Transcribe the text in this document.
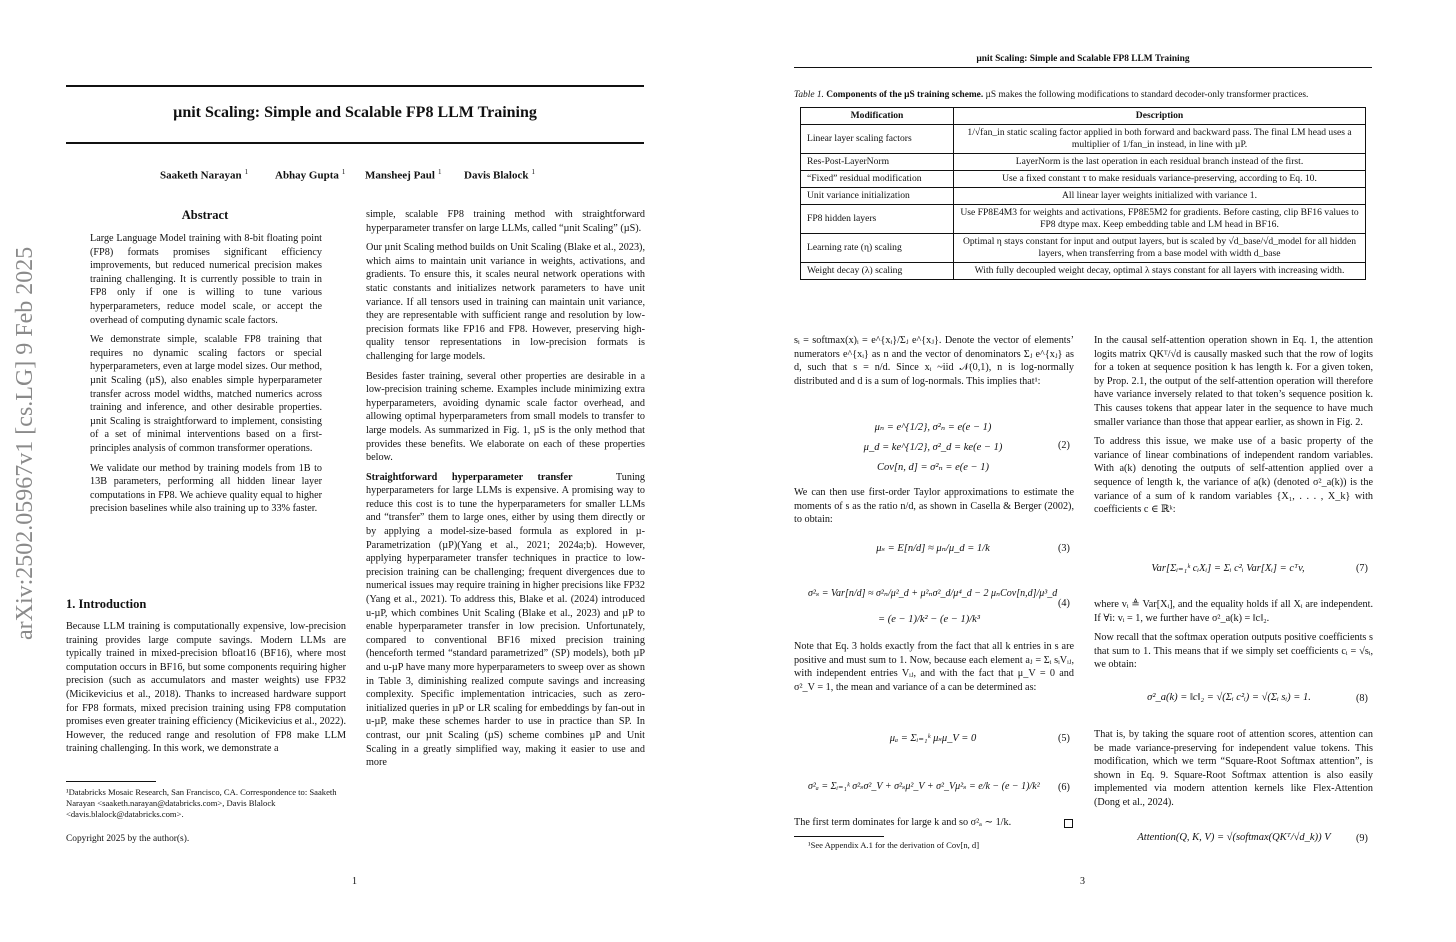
arXiv:2502.05967v1 [cs.LG] 9 Feb 2025
µnit Scaling: Simple and Scalable FP8 LLM Training
Saaketh Narayan $^1$ Abhay Gupta $^1$ Mansheej Paul $^1$ Davis Blalock $^1$
Abstract

Large Language Model training with 8-bit floating point (FP8) formats promises significant efficiency improvements, but reduced numerical precision makes training challenging. It is currently possible to train in FP8 only if one is willing to tune various hyperparameters, reduce model scale, or accept the overhead of computing dynamic scale factors.

We demonstrate simple, scalable FP8 training that requires no dynamic scaling factors or special hyperparameters, even at large model sizes. Our method, µnit Scaling (µS), also enables simple hyperparameter transfer across model widths, matched numerics across training and inference, and other desirable properties. µnit Scaling is straightforward to implement, consisting of a set of minimal interventions based on a first-principles analysis of common transformer operations.

We validate our method by training models from 1B to 13B parameters, performing all hidden linear layer computations in FP8. We achieve quality equal to higher precision baselines while also training up to 33% faster.

1. Introduction
Because LLM training is computationally expensive, low-precision training provides large compute savings. Modern LLMs are typically trained in mixed-precision bfloat16 (BF16), where most computation occurs in BF16, but some components requiring higher precision (such as accumulators and master weights) use FP32 (Micikevicius et al., 2018). Thanks to increased hardware support for FP8 formats, mixed precision training using FP8 computation promises even greater training efficiency (Micikevicius et al., 2022). However, the reduced range and resolution of FP8 make LLM training challenging. In this work, we demonstrate a
¹Databricks Mosaic Research, San Francisco, CA. Correspondence to: Saaketh Narayan <saaketh.narayan@databricks.com>, Davis Blalock <davis.blalock@databricks.com>.
Copyright 2025 by the author(s).

simple, scalable FP8 training method with straightforward hyperparameter transfer on large LLMs, called “µnit Scaling” (µS).

Our µnit Scaling method builds on Unit Scaling (Blake et al., 2023), which aims to maintain unit variance in weights, activations, and gradients. To ensure this, it scales neural network operations with static constants and initializes network parameters to have unit variance. If all tensors used in training can maintain unit variance, they are representable with sufficient range and resolution by low-precision formats like FP16 and FP8. However, preserving high-quality tensor representations in low-precision formats is challenging for large models.

Besides faster training, several other properties are desirable in a low-precision training scheme. Examples include minimizing extra hyperparameters, avoiding dynamic scale factor overhead, and allowing optimal hyperparameters from small models to transfer to large models. As summarized in Fig. 1, µS is the only method that provides these benefits. We elaborate on each of these properties below.

Straightforward hyperparameter transfer	Tuning hyperparameters for large LLMs is expensive. A promising way to reduce this cost is to tune the hyperparameters for smaller LLMs and “transfer” them to large ones, either by using them directly or by applying a model-size-based formula as explored in µ-Parametrization (µP)(Yang et al., 2021; 2024a;b). However, applying hyperparameter transfer techniques in practice to low-precision training can be challenging; frequent divergences due to numerical issues may require training in higher precisions like FP32 (Yang et al., 2021). To address this, Blake et al. (2024) introduced u-µP, which combines Unit Scaling (Blake et al., 2023) and µP to enable hyperparameter transfer in low precision. Unfortunately, compared to conventional BF16 mixed precision training (henceforth termed “standard parametrized” (SP) models), both µP and u-µP have many more hyperparameters to sweep over as shown in Table 3, diminishing realized compute savings and increasing complexity. Specific implementation intricacies, such as zero-initialized queries in µP or LR scaling for embeddings by fan-out in u-µP, make these schemes harder to use in practice than SP. In contrast, our µnit Scaling (µS) scheme combines µP and Unit Scaling in a greatly simplified way, making it easier to use and more

1
µnit Scaling: Simple and Scalable FP8 LLM Training
Table 1. Components of the µS training scheme. µS makes the following modifications to standard decoder-only transformer practices.
Modification	Description
Linear layer scaling factors	1/√fan_in static scaling factor applied in both forward and backward pass. The final LM head uses a multiplier of 1/fan_in instead, in line with µP.
Res-Post-LayerNorm	LayerNorm is the last operation in each residual branch instead of the first.
“Fixed” residual modification	Use a fixed constant τ to make residuals variance-preserving, according to Eq. 10.
Unit variance initialization	All linear layer weights initialized with variance 1.
FP8 hidden layers	Use FP8E4M3 for weights and activations, FP8E5M2 for gradients. Before casting, clip BF16 values to FP8 dtype max. Keep embedding table and LM head in BF16.
Learning rate (η) scaling	Optimal η stays constant for input and output layers, but is scaled by √d_base/√d_model for all hidden layers, when transferring from a base model with width d_base
Weight decay (λ) scaling	With fully decoupled weight decay, optimal λ stays constant for all layers with increasing width.
sᵢ = softmax(x)ᵢ = e^{xᵢ}/Σⱼ e^{xⱼ}. Denote the vector of elements’ numerators e^{xᵢ} as n and the vector of denominators Σⱼ e^{xⱼ} as d, such that s = n/d. Since xᵢ ~iid 𝒩(0,1), n is log-normally distributed and d is a sum of log-normals. This implies that¹:
μₙ = e^{1/2}, σ²ₙ = e(e − 1)
μ_d = ke^{1/2}, σ²_d = ke(e − 1)
Cov[n, d] = σ²ₙ = e(e − 1)
(2)
We can then use first-order Taylor approximations to estimate the moments of s as the ratio n/d, as shown in Casella & Berger (2002), to obtain:
μₛ = E[n/d] ≈ μₙ/μ_d = 1/k	(3)
σ²ₛ = Var[n/d] ≈ σ²ₙ/μ²_d + μ²ₙσ²_d/μ⁴_d − 2 μₙCov[n,d]/μ³_d
= (e − 1)/k² − (e − 1)/k³
(4)
Note that Eq. 3 holds exactly from the fact that all k entries in s are positive and must sum to 1. Now, because each element aⱼ = Σᵢ sᵢVᵢⱼ, with independent entries Vᵢⱼ, and with the fact that μ_V = 0 and σ²_V = 1, the mean and variance of a can be determined as:
μₐ = Σᵢ₌₁ᵏ μₛμ_V = 0	(5)
σ²ₐ = Σᵢ₌₁ᵏ σ²ₛσ²_V + σ²ₛμ²_V + σ²_Vμ²ₛ = e/k − (e − 1)/k²	(6)
The first term dominates for large k and so σ²ₐ ∼ 1/k.
¹See Appendix A.1 for the derivation of Cov[n, d]

In the causal self-attention operation shown in Eq. 1, the attention logits matrix QKᵀ/√d is causally masked such that the row of logits for a token at sequence position k has length k. For a given token, by Prop. 2.1, the output of the self-attention operation will therefore have variance inversely related to that token’s sequence position k. This causes tokens that appear later in the sequence to have much smaller variance than those that appear earlier, as shown in Fig. 2.

To address this issue, we make use of a basic property of the variance of linear combinations of independent random variables. With a(k) denoting the outputs of self-attention applied over a sequence of length k, the variance of a(k) (denoted σ²_a(k)) is the variance of a sum of k random variables {X₁, . . . , X_k} with coefficients c ∈ ℝᵏ:

Var[Σᵢ₌₁ᵏ cᵢXᵢ] = Σᵢ c²ᵢ Var[Xᵢ] = cᵀv,	(7)

where vᵢ ≜ Var[Xᵢ], and the equality holds if all Xᵢ are independent. If ∀i: vᵢ = 1, we further have σ²_a(k) = ‖c‖₂.

Now recall that the softmax operation outputs positive coefficients s that sum to 1. This means that if we simply set coefficients cᵢ = √sᵢ, we obtain:

σ²_a(k) = ‖c‖₂ = √(Σᵢ c²ᵢ) = √(Σᵢ sᵢ) = 1.	(8)
That is, by taking the square root of attention scores, attention can be made variance-preserving for independent value tokens. This modification, which we term “Square-Root Softmax attention”, is shown in Eq. 9. Square-Root Softmax attention is also easily implemented via modern attention kernels like Flex-Attention (Dong et al., 2024).
Attention(Q, K, V) = √(softmax(QKᵀ/√d_k)) V	(9)
3
